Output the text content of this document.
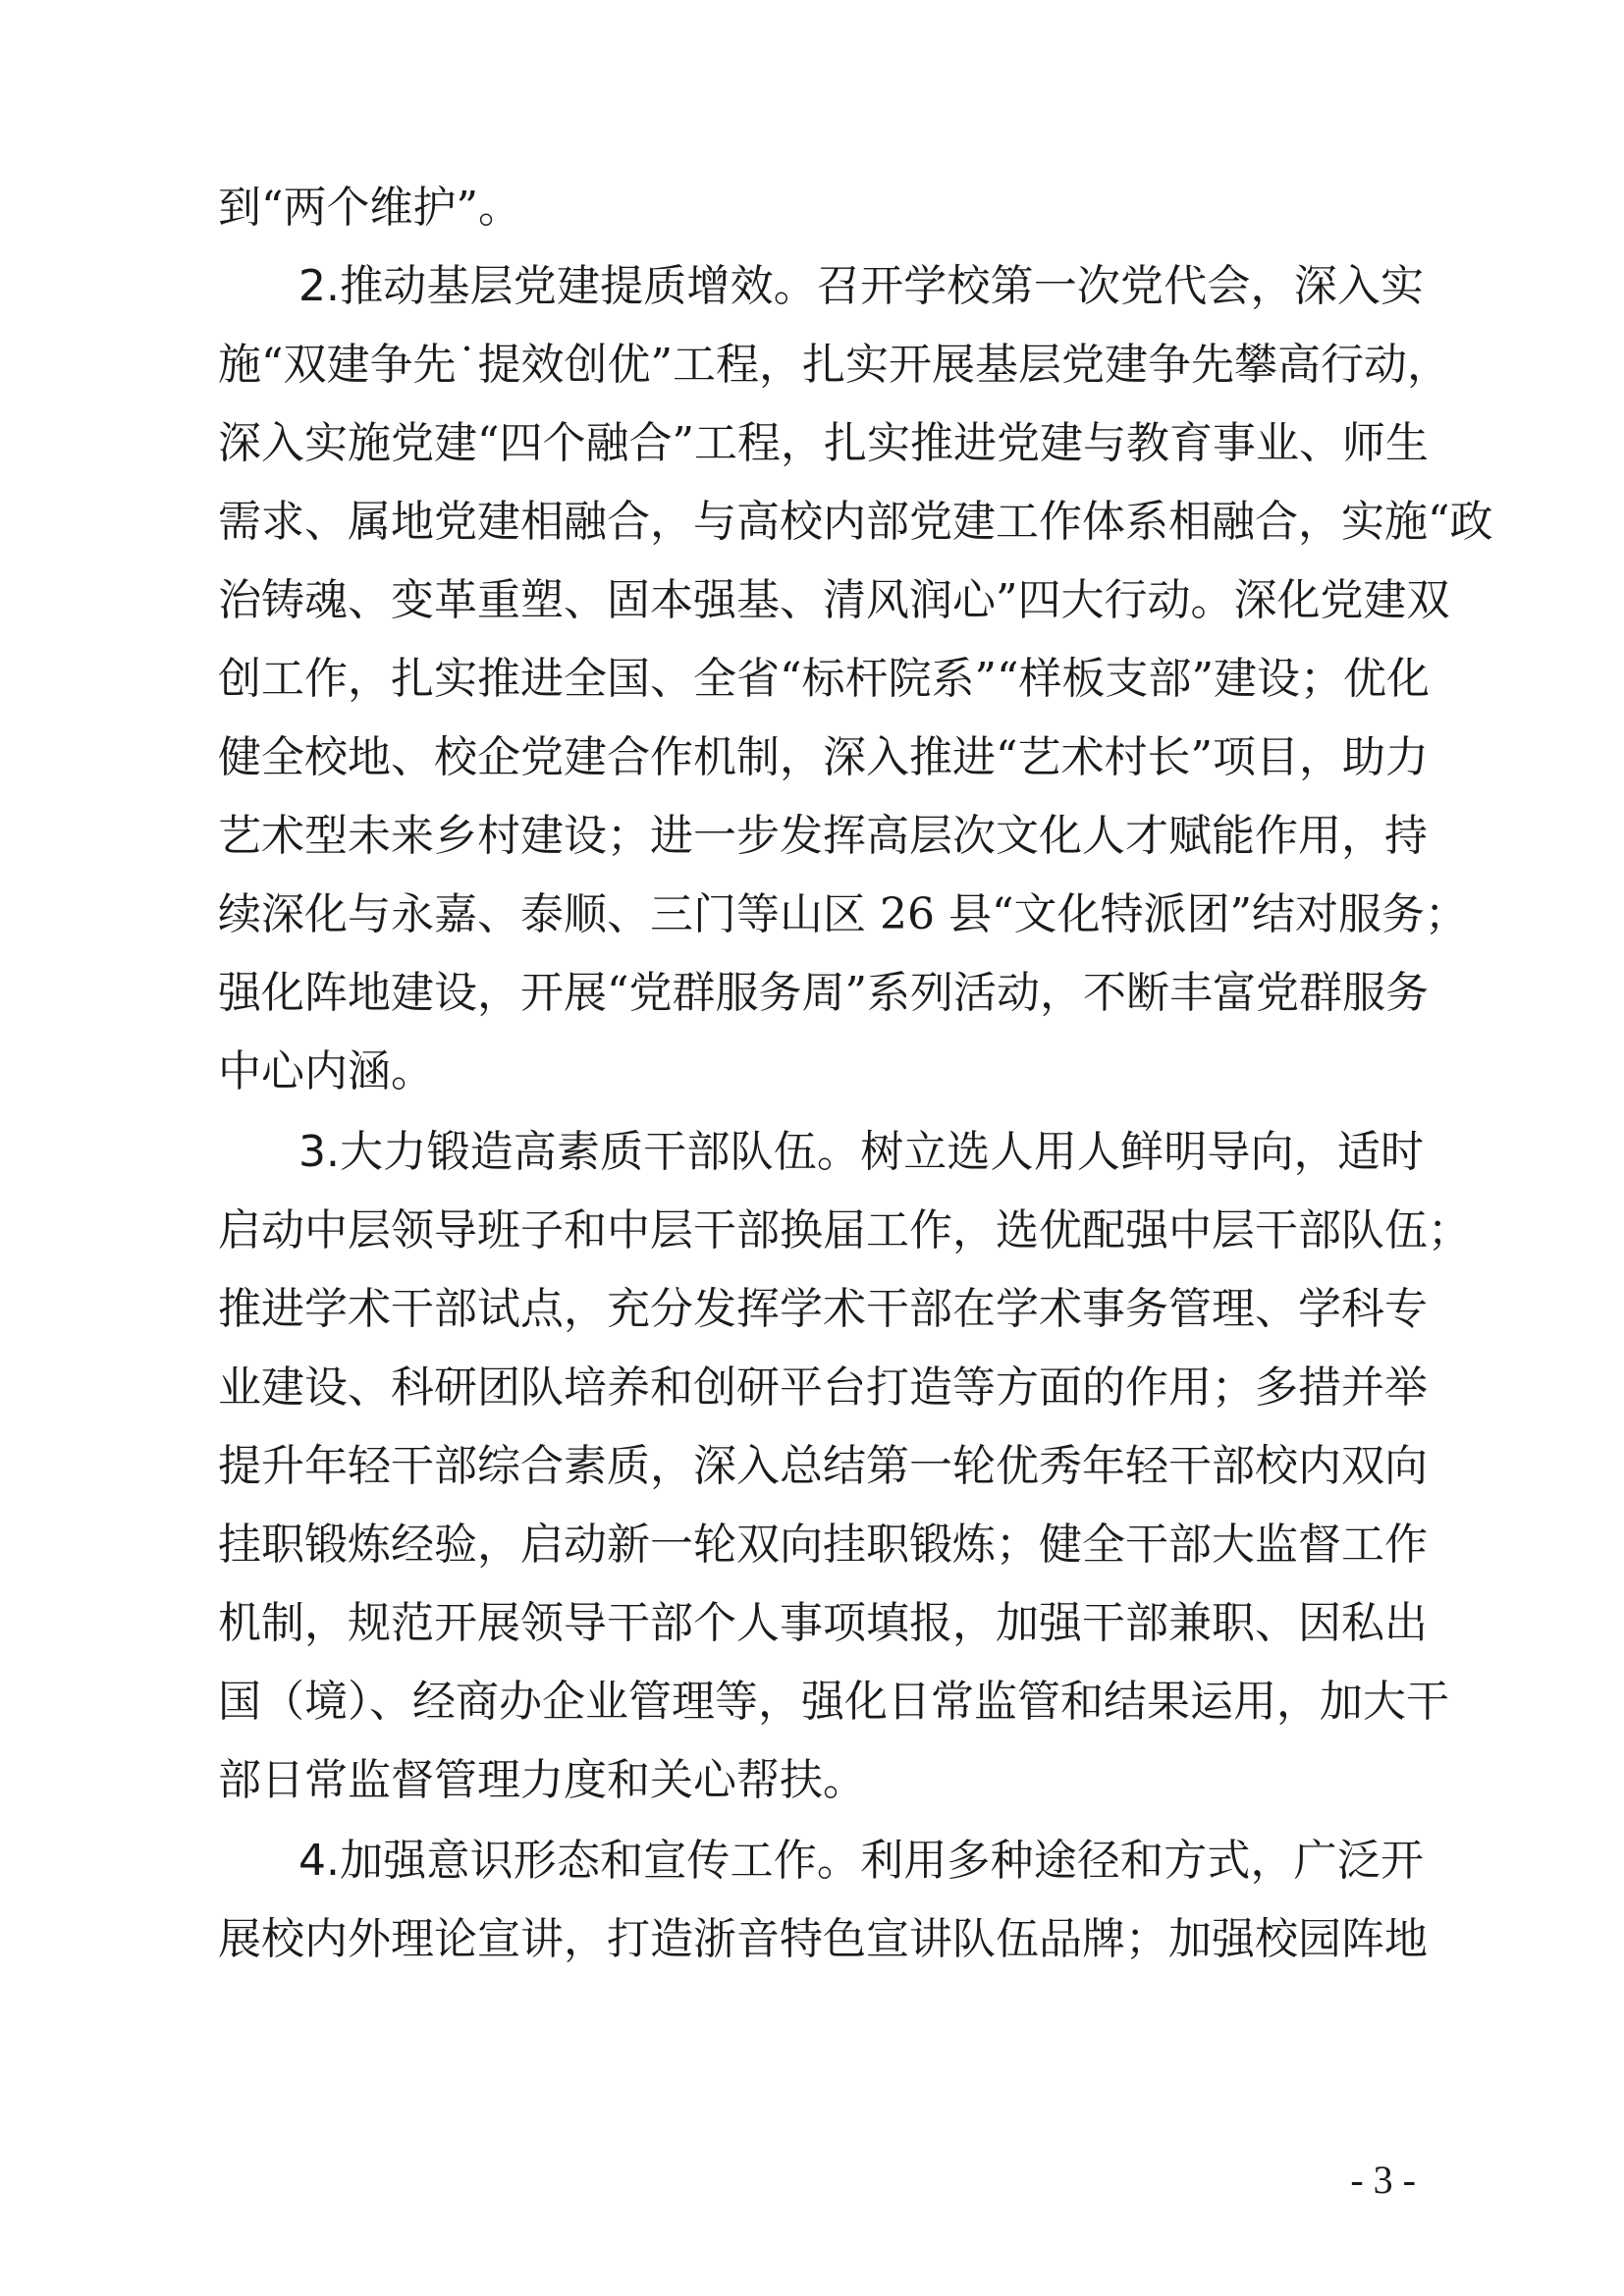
到“两个维护”。
2.推动基层党建提质增效。召开学校第一次党代会，深入实
施“双建争先˙提效创优”工程，扎实开展基层党建争先攀高行动，
深入实施党建“四个融合”工程，扎实推进党建与教育事业、师生
需求、属地党建相融合，与高校内部党建工作体系相融合，实施“政
治铸魂、变革重塑、固本强基、清风润心”四大行动。深化党建双
创工作，扎实推进全国、全省“标杆院系”“样板支部”建设；优化
健全校地、校企党建合作机制，深入推进“艺术村长”项目，助力
艺术型未来乡村建设；进一步发挥高层次文化人才赋能作用，持
续深化与永嘉、泰顺、三门等山区 26 县“文化特派团”结对服务；
强化阵地建设，开展“党群服务周”系列活动，不断丰富党群服务
中心内涵。
3.大力锻造高素质干部队伍。树立选人用人鲜明导向，适时
启动中层领导班子和中层干部换届工作，选优配强中层干部队伍；
推进学术干部试点，充分发挥学术干部在学术事务管理、学科专
业建设、科研团队培养和创研平台打造等方面的作用；多措并举
提升年轻干部综合素质，深入总结第一轮优秀年轻干部校内双向
挂职锻炼经验，启动新一轮双向挂职锻炼；健全干部大监督工作
机制，规范开展领导干部个人事项填报，加强干部兼职、因私出
国（境）、经商办企业管理等，强化日常监管和结果运用，加大干
部日常监督管理力度和关心帮扶。
4.加强意识形态和宣传工作。利用多种途径和方式，广泛开
展校内外理论宣讲，打造浙音特色宣讲队伍品牌；加强校园阵地
- 3 -
